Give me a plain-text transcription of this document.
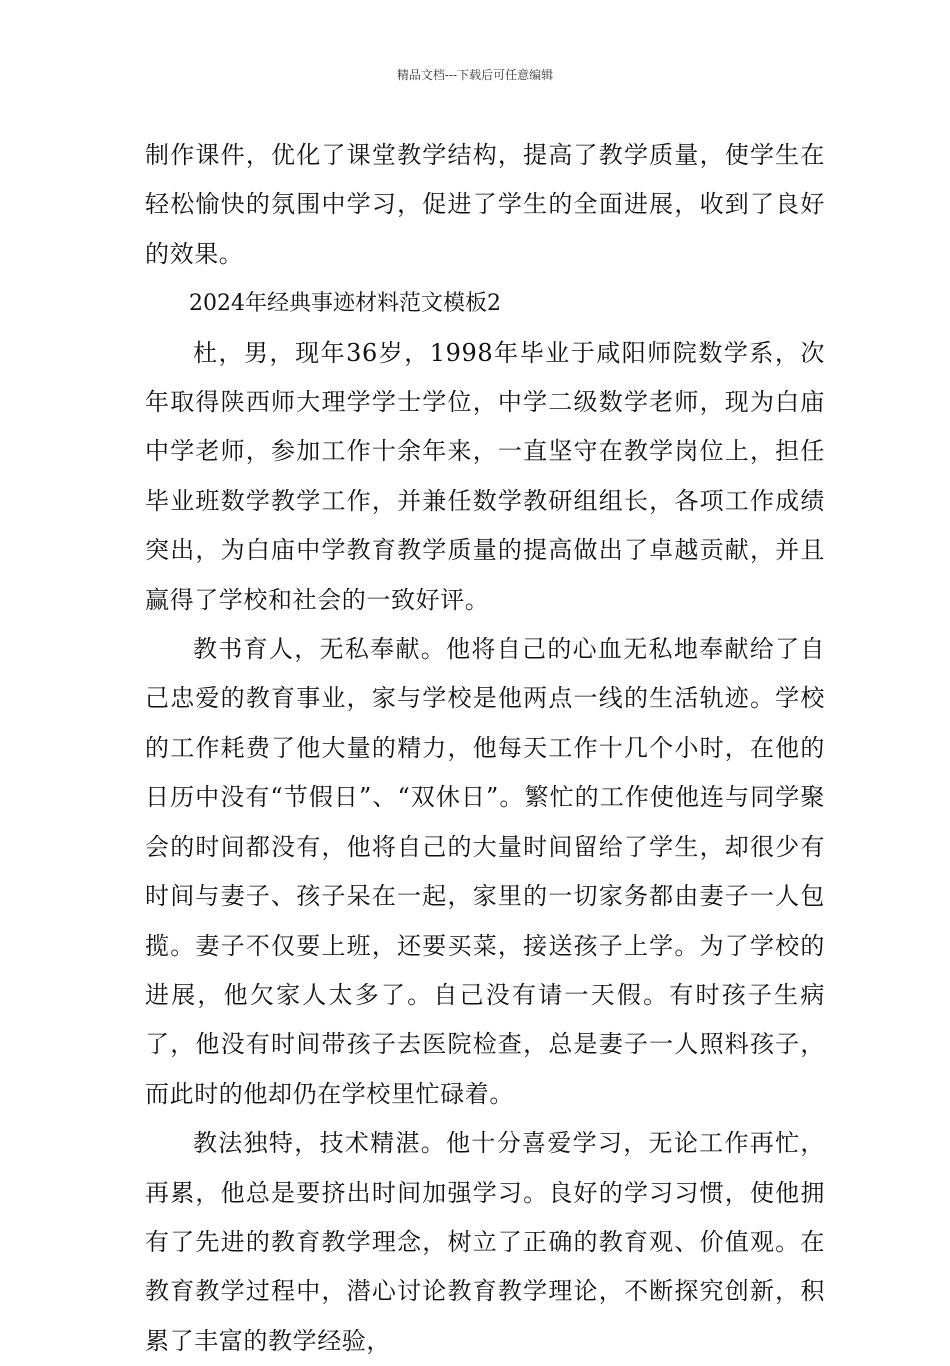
精品文档---下载后可任意编辑

制作课件，优化了课堂教学结构，提高了教学质量，使学生在轻松愉快的氛围中学习，促进了学生的全面进展，收到了良好的效果。

2024年经典事迹材料范文模板2

杜，男，现年36岁，1998年毕业于咸阳师院数学系，次年取得陕西师大理学学士学位，中学二级数学老师，现为白庙中学老师，参加工作十余年来，一直坚守在教学岗位上，担任毕业班数学教学工作，并兼任数学教研组组长，各项工作成绩突出，为白庙中学教育教学质量的提高做出了卓越贡献，并且赢得了学校和社会的一致好评。

教书育人，无私奉献。他将自己的心血无私地奉献给了自己忠爱的教育事业，家与学校是他两点一线的生活轨迹。学校的工作耗费了他大量的精力，他每天工作十几个小时，在他的日历中没有“节假日”、“双休日”。繁忙的工作使他连与同学聚会的时间都没有，他将自己的大量时间留给了学生，却很少有时间与妻子、孩子呆在一起，家里的一切家务都由妻子一人包揽。妻子不仅要上班，还要买菜，接送孩子上学。为了学校的进展，他欠家人太多了。自己没有请一天假。有时孩子生病了，他没有时间带孩子去医院检查，总是妻子一人照料孩子，而此时的他却仍在学校里忙碌着。

教法独特，技术精湛。他十分喜爱学习，无论工作再忙，再累，他总是要挤出时间加强学习。良好的学习习惯，使他拥有了先进的教育教学理念，树立了正确的教育观、价值观。在教育教学过程中，潜心讨论教育教学理论，不断探究创新，积累了丰富的教学经验，
